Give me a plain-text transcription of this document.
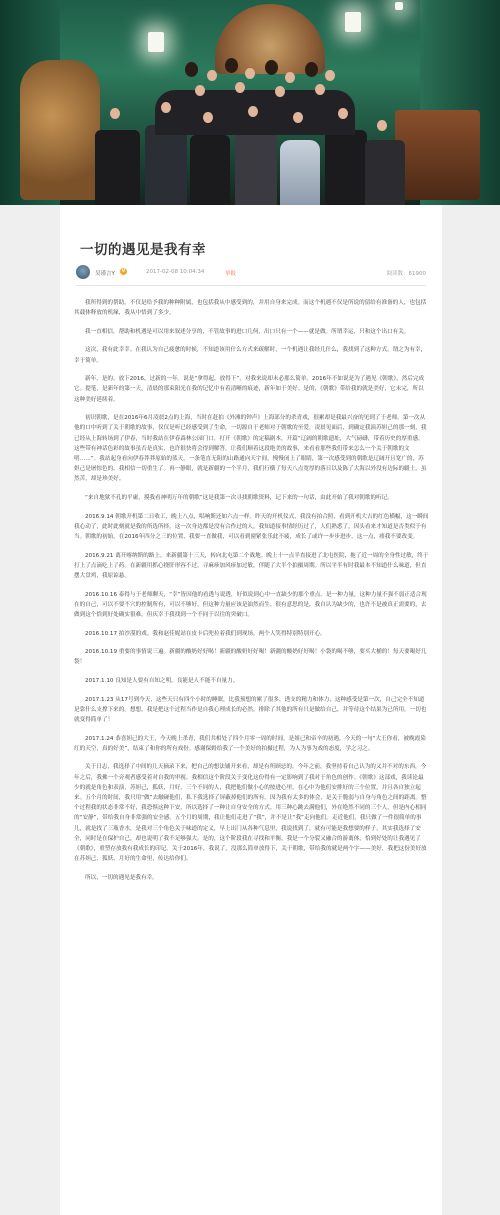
一切的遇见是我有幸
吴谨言Y	V	2017-02-08 10:04:34	举报	阅读数：61900

我所得到的帮助，不仅是给予我的种种附属，也包括我从中感受到的，并用自身来完成。而这个机遇不仅是所说的留给有准备的人，也包括其载体释放的机缘，我从中悟到了多少。

我一直相信，帮助和机遇是可以用来叙述分享的，不管故事的进口几何，出口只有一个——就是做。所谓幸运，只和这个出口有关。

这次，我有此幸幸。在我认为自己疲惫的时候，不知道该用什么方式来疏解时，一个机遇让我经几什么，我找到了这种方式。谓之为有幸，幸于简单。

新年，是的。放下2016，过新的一年。说是“拿得起，放得下”，对我来说却未必那么简单。2016年不如说是为了遇见《朝歌》，然后完成它。提笔，是新年的第一天，清晨的那束阳光在我的记忆中有着清晰的痕迹，新年如于美好。是的，《朝歌》带给我的就是美好，它未完，所以这种美好延续着。

初识朝歌，是在2016年6月凌晨2点的上海，当时在赶拍《外滩的钟声》上海部分的杀青戏，很累却是我最兴奋的见到了于老师。第一次从他的口中听到了关于朝歌的故事，仅仅是听已经感受到了生命，一切源自于老师对于朝歌的至爱。凌晨见面后，到确定我演苏妲己的那一刻，我已经从上海转场到了伊春，当时我站在伊春森林公园门口，打开《朝歌》的定稿剧本，开篇“辽阔的朝歌遗址，大气磅礴，带着历史的厚重感。这些带有神话色彩的故事虽否是真实，也许很快将会得到解答，让我们顺着这段绝美的故事，来看看那些我们带来怎么一个关于朝歌的文明……”。我站起身看向伊春莽莽原始的蓝天，一条笔直无阻的山路通向天宇间，慢慢闭上了眼睛，第一次感受到的朝歌是辽阔开且宽广的，苏妲己是屠惊色的，我相信一切重生了。再一静眼，就是新疆的一个半月，我们行横了每天八点宽厚的落日以及陈了大海以外没有边际的疆土。虽然苦，却是珍美好。

“来自地狱不孔的平庸，摸我看神明万年的朝歌”这是我第一次寻找朝歌资料，记下来的一句话，由此开始了我对朝歌的听记。

2016.9.14 朝歌开机第二日收工，晚上八点，唱响斯还如六点一样。昨天的开机仪式，我没有拍合照，看到开机大吉的红色横幅，这一瞬间我心动了，此时此刻就是我的所选所择。这一次身边都是没有合作过的人，我知道接事情经历过了，人们熟悉了，因头看来才知道是否类似于有当。朝歌的初始，在2016年四分之三的位置，我要一直做我，可以看到窗紧张乐此不疲，成长了或许一步步进步，这一点，瘗我不要改变。

2016.9.21 离开喀纳斯的路上，来新疆第十三天，转向北屯第二个战地。晚上十一点半直接进了北屯医院，拖了近一周的全身性过敏，终于打上了点滴吃上了药。在新疆用抓心挠肝形容不过，寻麻疹加风疹加过敏，伴随了大半个拍摄周期。所以平半有时我最本不知道什么味道，但直摆大盘鸡，我原谅悬。

2016.10.16 泰得与于老师聊天，“幸”皆因他的看透与说透，好似说到心中一直缺少的那个重点。是一种力量，这种力量不强不弱正适合现在的自己，可以不要不穴的控制所有，可以不够好，但这种力量应该是油然而生。很有意思的是，我自认为缺少的，也许不是被真正需要的，去做到这个恰到好处确实很难，但庆幸于我找到一个不同于以往的突破口。

2016.10.17 拍沙漠的戏。我和赵佳妮站在皮卡后兜拉着我们到现场，两个人笑得特别特别开心。

2016.10.19 重要的事情说三遍。新疆的酸奶好好喝！新疆的酸奶好好喝！新疆的酸奶好好喝！小袋的喝不够，要买大桶的！每天要喝好几袋！

2017.1.10 良知是人要有自知之明，良能是人不能不自量力。

2017.1.23 从17号到今天，这些天只有四个小时的睡眠，比我预想的累了很多，透支的精力和体力，这种感受是第一次，自己完全不知道是靠什么支撑下来的。想想，我是把这个过程当作是自我心理成长的必然，排除了其他的所有只是做给自己，并等待这个结果为己所用。一切也就变得简单了！

2017.1.24 恭喜妲己的大王，今天晚上杀青，我们共相处了四个月零一周的时间。是姐已和帝辛的初遇，今天的一句“大王你看，被晚霞染红的天空，真的好美”，结束了和你的所有戏份。感谢保姆给我了一个美好的拍摄过程，为人为事为戏的态度，学之习之。

关于日志，我选择了中间的几天摘录下来，把自己的想法铺开来看，却是有所顾忌的。今年之前，我坚持着自己认为的又并不对的东西，今年之后，我佛一个旁观者感受着对自我的审视。我相信这个阶段关于变化这份得有一定影响到了我对于角色的创作。《朝歌》这部戏，我读论最少的就是角色和表演，苏妲己，狐妖，月好，三个不同的人，我把他们做小心的按进心里，在心中为他们安排好的三个位置，并且各自独立起来。五个月的时间，我只用“做”去触碰他们，私下我选择了屏蔽掉他们的所有。因为我有太多的体会，是关于脆弱与自身与角色之间的距离。整个过程我的状态非常不好，我恐惧这种下安，所以选择了一种让自身安全的方式。用三种心跳去满他们，外在绝然不同的三个人，但是内心相同的“安静”，带给我自身非常强的安全感。五个月的周期，我让他们走进了“我”，并不是让“我”走向他们。走近他们，我只做了一件很简单的事儿，就是找了三瓶香水，是我对三个角色关于味道的定义，早上出门从各种气息里，我说找到了，就有可能是我想要的样子。其实我选择了安全，同时是在保护自己，却也说明了我不足够强大。是的，这个阶段我在寻找和平衡，我是一个分裂又融合的游离体，恰到好处的让我遇见了《朝歌》，重塑存放我有我成长的印记。关于2016年，我说了，没那么简单放得下，关于朝歌，带给我的就是两个字——美好，我把这份美好放在苏妲己、狐妖、月好的生命里，传达给你们。

所以，一切的遇见是我有幸。
